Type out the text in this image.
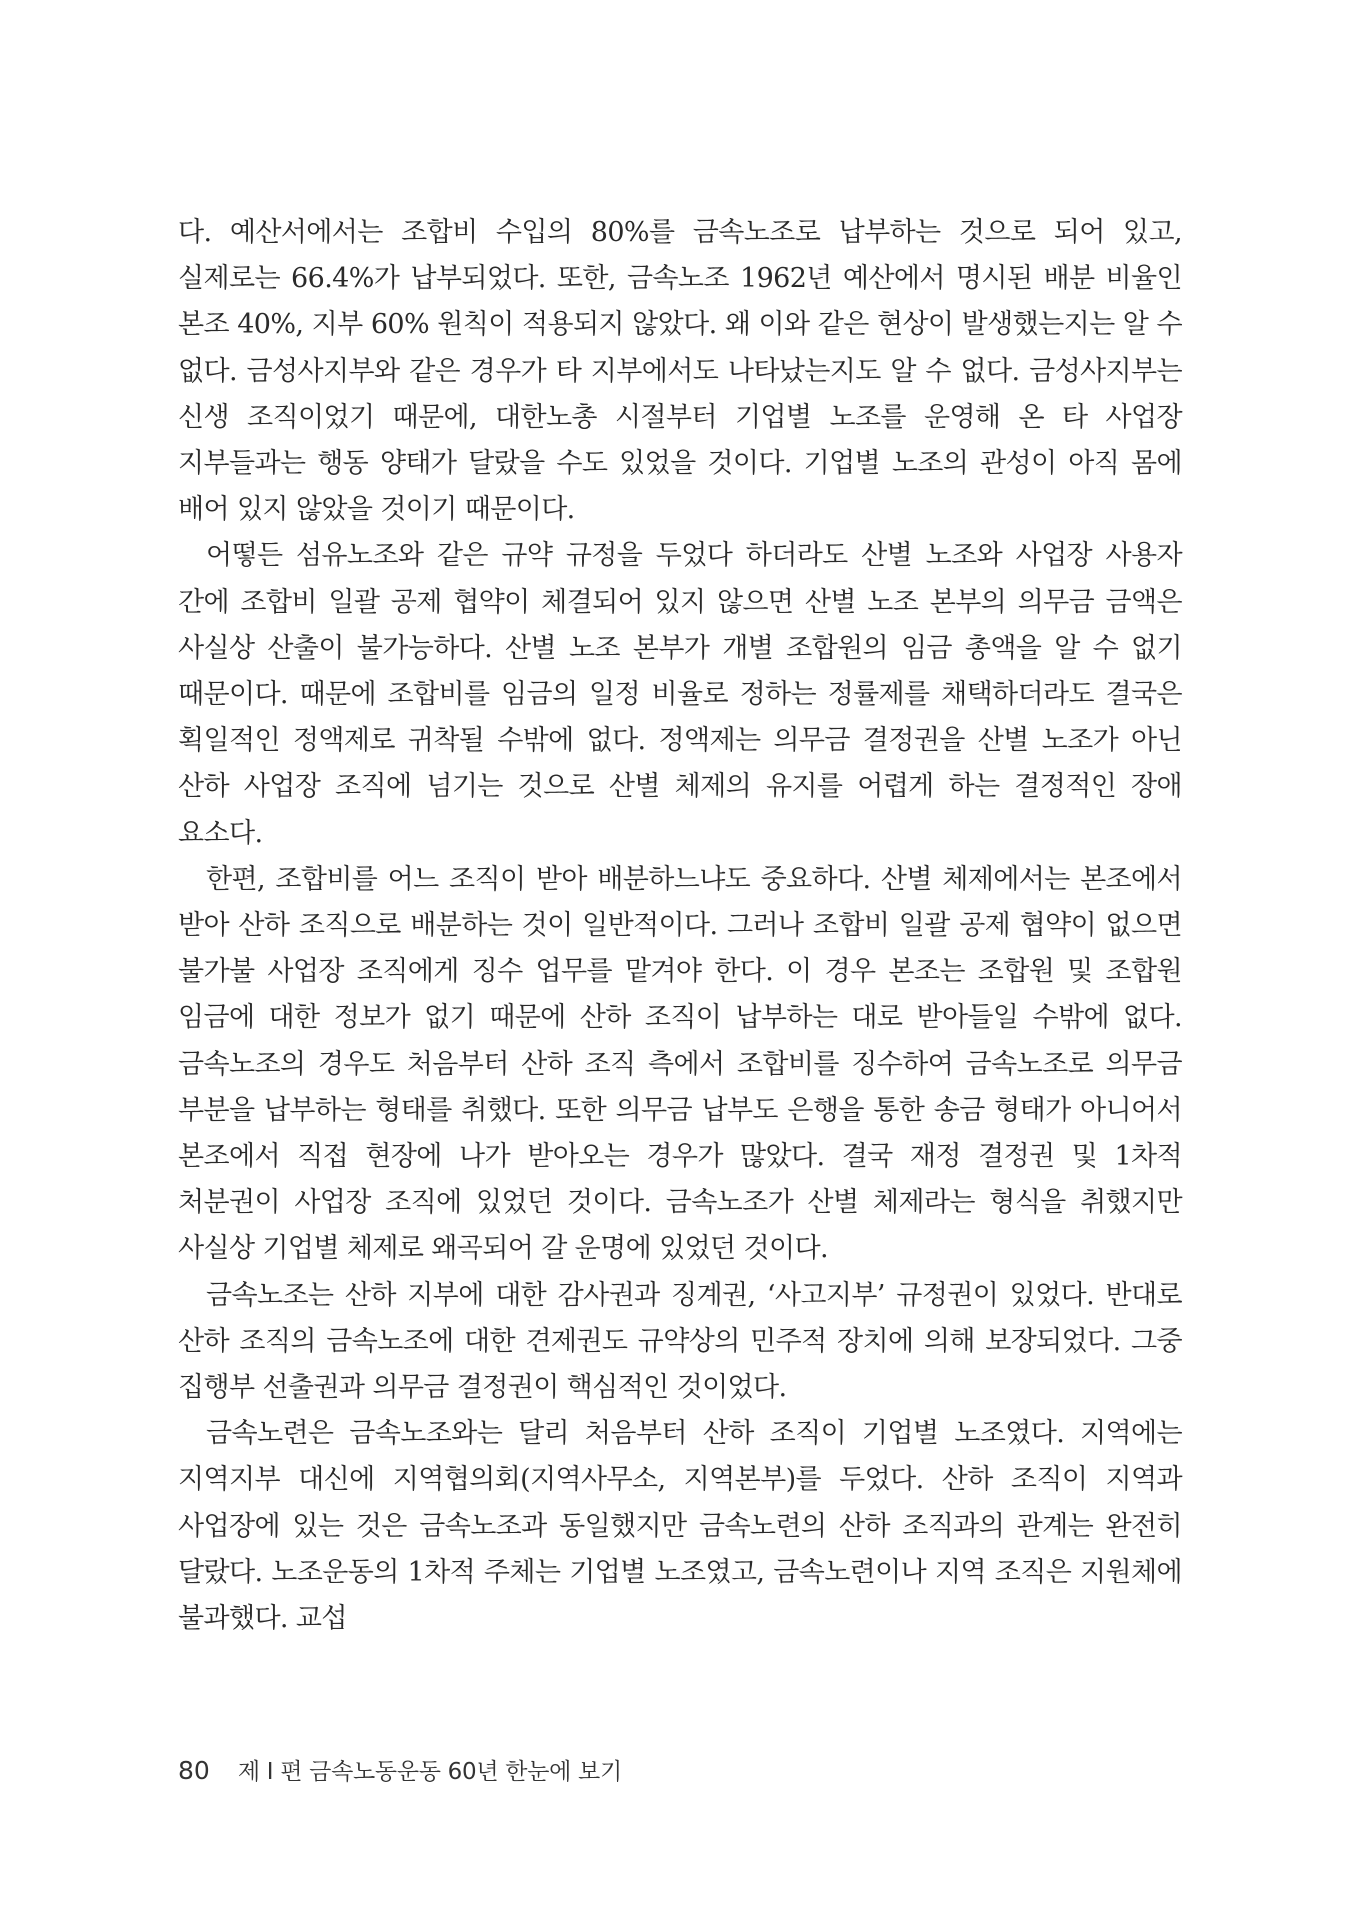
다. 예산서에서는 조합비 수입의 80%를 금속노조로 납부하는 것으로 되어 있고, 실제로는 66.4%가 납부되었다. 또한, 금속노조 1962년 예산에서 명시된 배분 비율인 본조 40%, 지부 60% 원칙이 적용되지 않았다. 왜 이와 같은 현상이 발생했는지는 알 수 없다. 금성사지부와 같은 경우가 타 지부에서도 나타났는지도 알 수 없다. 금성사지부는 신생 조직이었기 때문에, 대한노총 시절부터 기업별 노조를 운영해 온 타 사업장 지부들과는 행동 양태가 달랐을 수도 있었을 것이다. 기업별 노조의 관성이 아직 몸에 배어 있지 않았을 것이기 때문이다.

어떻든 섬유노조와 같은 규약 규정을 두었다 하더라도 산별 노조와 사업장 사용자 간에 조합비 일괄 공제 협약이 체결되어 있지 않으면 산별 노조 본부의 의무금 금액은 사실상 산출이 불가능하다. 산별 노조 본부가 개별 조합원의 임금 총액을 알 수 없기 때문이다. 때문에 조합비를 임금의 일정 비율로 정하는 정률제를 채택하더라도 결국은 획일적인 정액제로 귀착될 수밖에 없다. 정액제는 의무금 결정권을 산별 노조가 아닌 산하 사업장 조직에 넘기는 것으로 산별 체제의 유지를 어렵게 하는 결정적인 장애 요소다.

한편, 조합비를 어느 조직이 받아 배분하느냐도 중요하다. 산별 체제에서는 본조에서 받아 산하 조직으로 배분하는 것이 일반적이다. 그러나 조합비 일괄 공제 협약이 없으면 불가불 사업장 조직에게 징수 업무를 맡겨야 한다. 이 경우 본조는 조합원 및 조합원 임금에 대한 정보가 없기 때문에 산하 조직이 납부하는 대로 받아들일 수밖에 없다. 금속노조의 경우도 처음부터 산하 조직 측에서 조합비를 징수하여 금속노조로 의무금 부분을 납부하는 형태를 취했다. 또한 의무금 납부도 은행을 통한 송금 형태가 아니어서 본조에서 직접 현장에 나가 받아오는 경우가 많았다. 결국 재정 결정권 및 1차적 처분권이 사업장 조직에 있었던 것이다. 금속노조가 산별 체제라는 형식을 취했지만 사실상 기업별 체제로 왜곡되어 갈 운명에 있었던 것이다.

금속노조는 산하 지부에 대한 감사권과 징계권, ‘사고지부’ 규정권이 있었다. 반대로 산하 조직의 금속노조에 대한 견제권도 규약상의 민주적 장치에 의해 보장되었다. 그중 집행부 선출권과 의무금 결정권이 핵심적인 것이었다.

금속노련은 금속노조와는 달리 처음부터 산하 조직이 기업별 노조였다. 지역에는 지역지부 대신에 지역협의회(지역사무소, 지역본부)를 두었다. 산하 조직이 지역과 사업장에 있는 것은 금속노조과 동일했지만 금속노련의 산하 조직과의 관계는 완전히 달랐다. 노조운동의 1차적 주체는 기업별 노조였고, 금속노련이나 지역 조직은 지원체에 불과했다. 교섭

80 제 I 편 금속노동운동 60년 한눈에 보기
